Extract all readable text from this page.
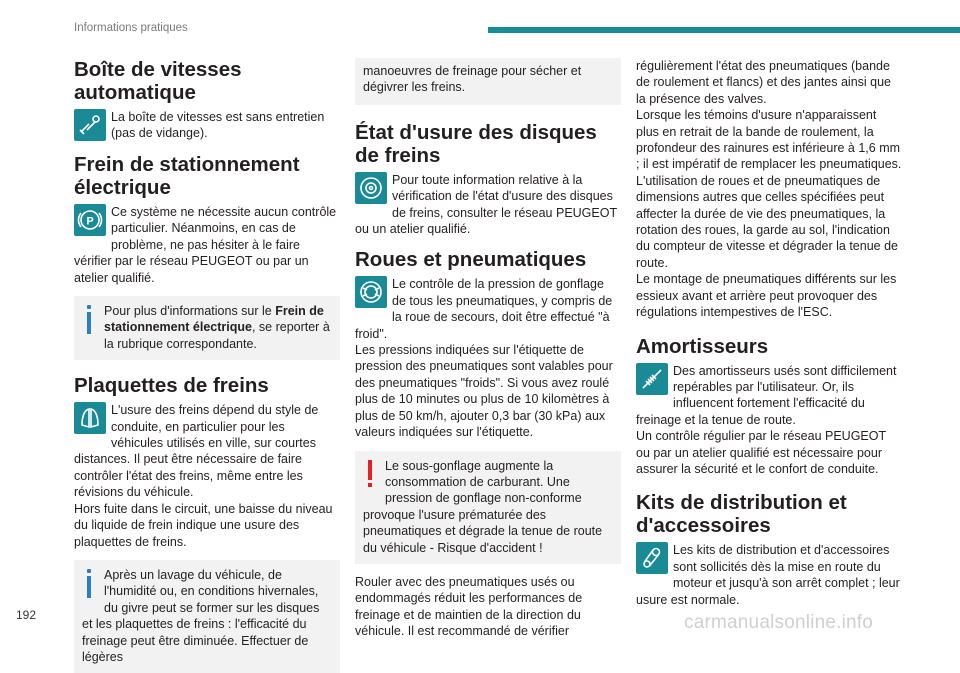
Informations pratiques
Boîte de vitesses automatique

La boîte de vitesses est sans entretien (pas de vidange).

Frein de stationnement électrique
P

Ce système ne nécessite aucun contrôle particulier. Néanmoins, en cas de problème, ne pas hésiter à le faire vérifier par le réseau PEUGEOT ou par un atelier qualifié.

Pour plus d'informations sur le Frein de stationnement électrique, se reporter à la rubrique correspondante.
Plaquettes de freins

L'usure des freins dépend du style de conduite, en particulier pour les véhicules utilisés en ville, sur courtes distances. Il peut être nécessaire de faire contrôler l'état des freins, même entre les révisions du véhicule.

Hors fuite dans le circuit, une baisse du niveau du liquide de frein indique une usure des plaquettes de freins.

Après un lavage du véhicule, de l'humidité ou, en conditions hivernales, du givre peut se former sur les disques et les plaquettes de freins : l'efficacité du freinage peut être diminuée. Effectuer de légères
manoeuvres de freinage pour sécher et dégivrer les freins.
État d'usure des disques de freins

Pour toute information relative à la vérification de l'état d'usure des disques de freins, consulter le réseau PEUGEOT ou un atelier qualifié.

Roues et pneumatiques

Le contrôle de la pression de gonflage de tous les pneumatiques, y compris de la roue de secours, doit être effectué "à froid".

Les pressions indiquées sur l'étiquette de pression des pneumatiques sont valables pour des pneumatiques "froids". Si vous avez roulé plus de 10 minutes ou plus de 10 kilomètres à plus de 50 km/h, ajouter 0,3 bar (30 kPa) aux valeurs indiquées sur l'étiquette.

Le sous-gonflage augmente la consommation de carburant. Une pression de gonflage non-conforme provoque l'usure prématurée des pneumatiques et dégrade la tenue de route du véhicule - Risque d'accident !

Rouler avec des pneumatiques usés ou endommagés réduit les performances de freinage et de maintien de la direction du véhicule. Il est recommandé de vérifier

régulièrement l'état des pneumatiques (bande de roulement et flancs) et des jantes ainsi que la présence des valves.

Lorsque les témoins d'usure n'apparaissent plus en retrait de la bande de roulement, la profondeur des rainures est inférieure à 1,6 mm ; il est impératif de remplacer les pneumatiques.

L'utilisation de roues et de pneumatiques de dimensions autres que celles spécifiées peut affecter la durée de vie des pneumatiques, la rotation des roues, la garde au sol, l'indication du compteur de vitesse et dégrader la tenue de route.

Le montage de pneumatiques différents sur les essieux avant et arrière peut provoquer des régulations intempestives de l'ESC.

Amortisseurs

Des amortisseurs usés sont difficilement repérables par l'utilisateur. Or, ils influencent fortement l'efficacité du freinage et la tenue de route.

Un contrôle régulier par le réseau PEUGEOT ou par un atelier qualifié est nécessaire pour assurer la sécurité et le confort de conduite.

Kits de distribution et d'accessoires

Les kits de distribution et d'accessoires sont sollicités dès la mise en route du moteur et jusqu'à son arrêt complet ; leur usure est normale.

192	carmanualsonline.info
